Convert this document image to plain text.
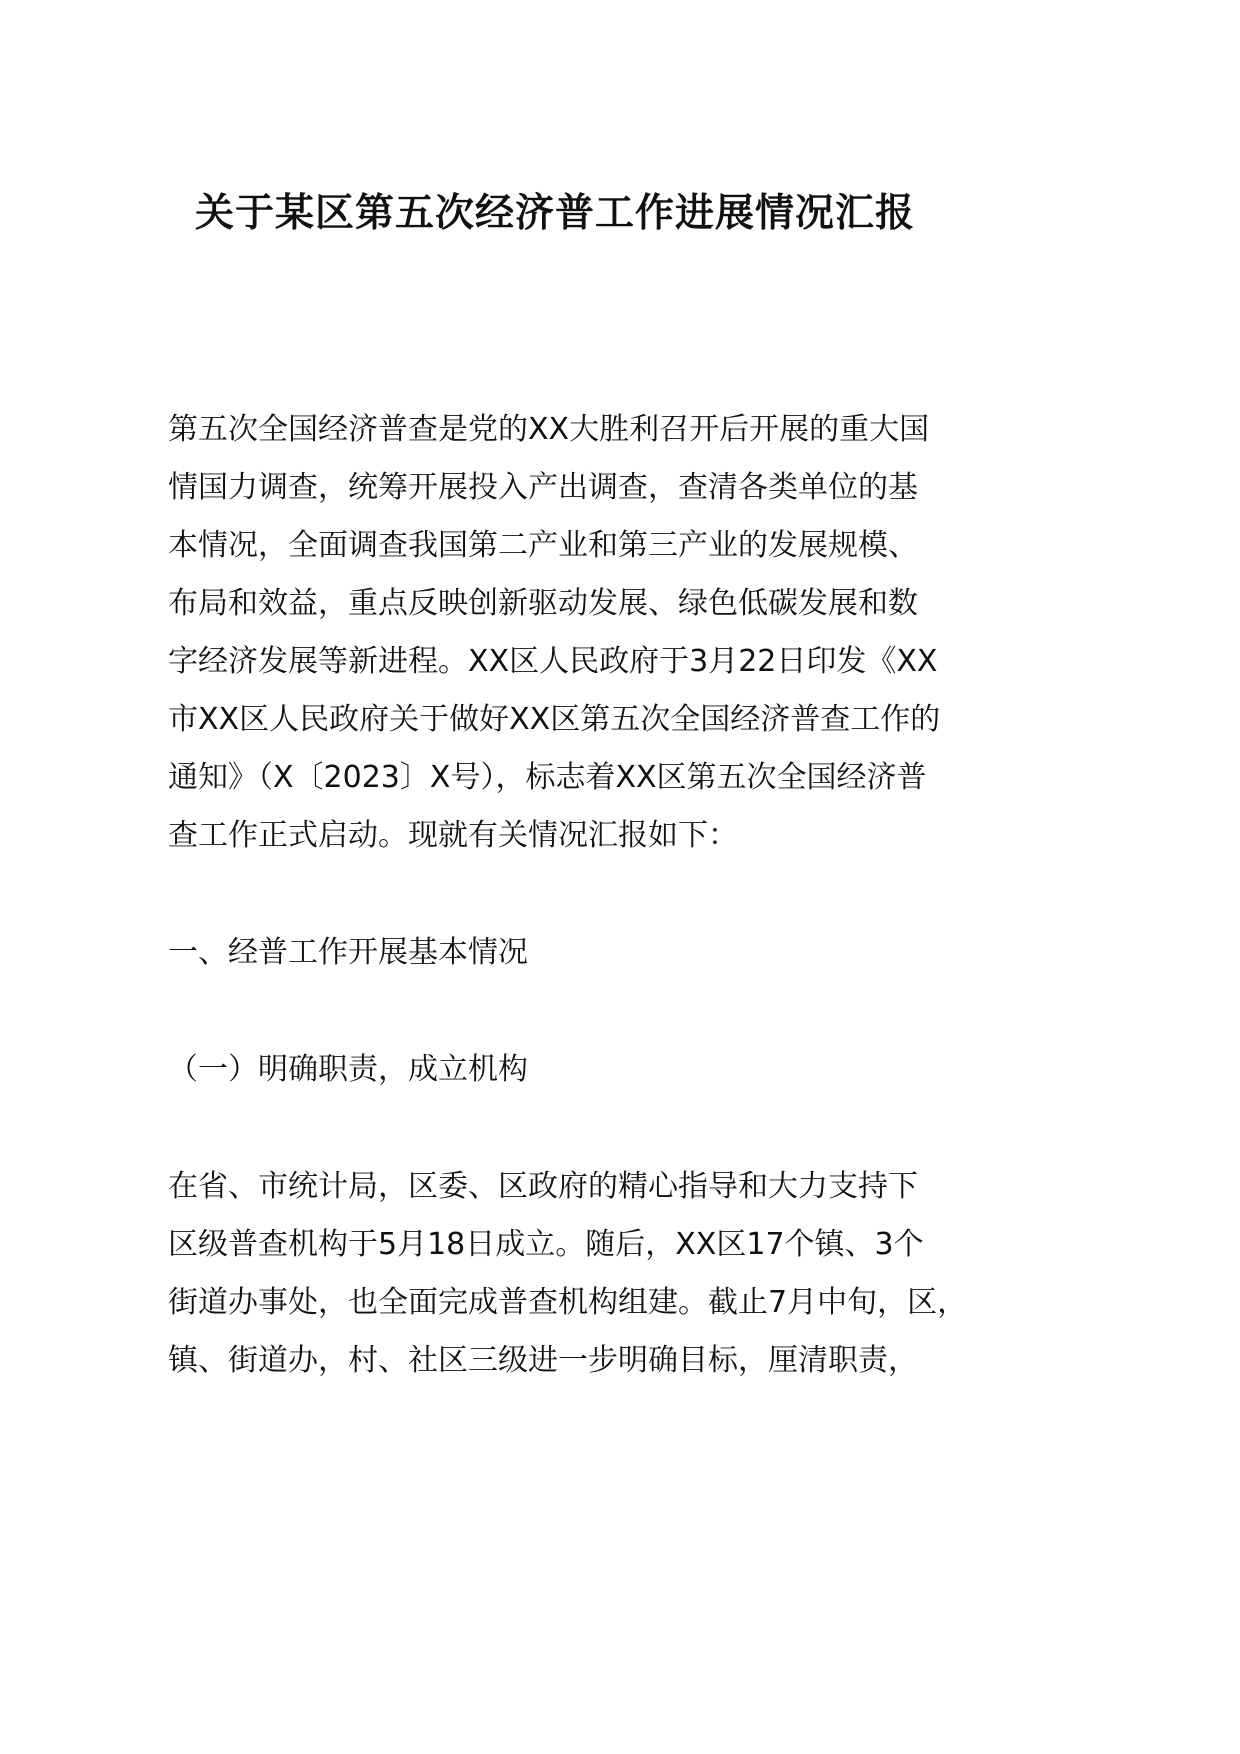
关于某区第五次经济普工作进展情况汇报
第五次全国经济普查是党的XX大胜利召开后开展的重大国
情国力调查，统筹开展投入产出调查，查清各类单位的基
本情况，全面调查我国第二产业和第三产业的发展规模、
布局和效益，重点反映创新驱动发展、绿色低碳发展和数
字经济发展等新进程。XX区人民政府于3月22日印发《XX
市XX区人民政府关于做好XX区第五次全国经济普查工作的
通知》（X〔2023〕X号），标志着XX区第五次全国经济普
查工作正式启动。现就有关情况汇报如下：
一、经普工作开展基本情况
（一）明确职责，成立机构
在省、市统计局，区委、区政府的精心指导和大力支持下
区级普查机构于5月18日成立。随后，XX区17个镇、3个
街道办事处，也全面完成普查机构组建。截止7月中旬，区，
镇、街道办，村、社区三级进一步明确目标，厘清职责，
